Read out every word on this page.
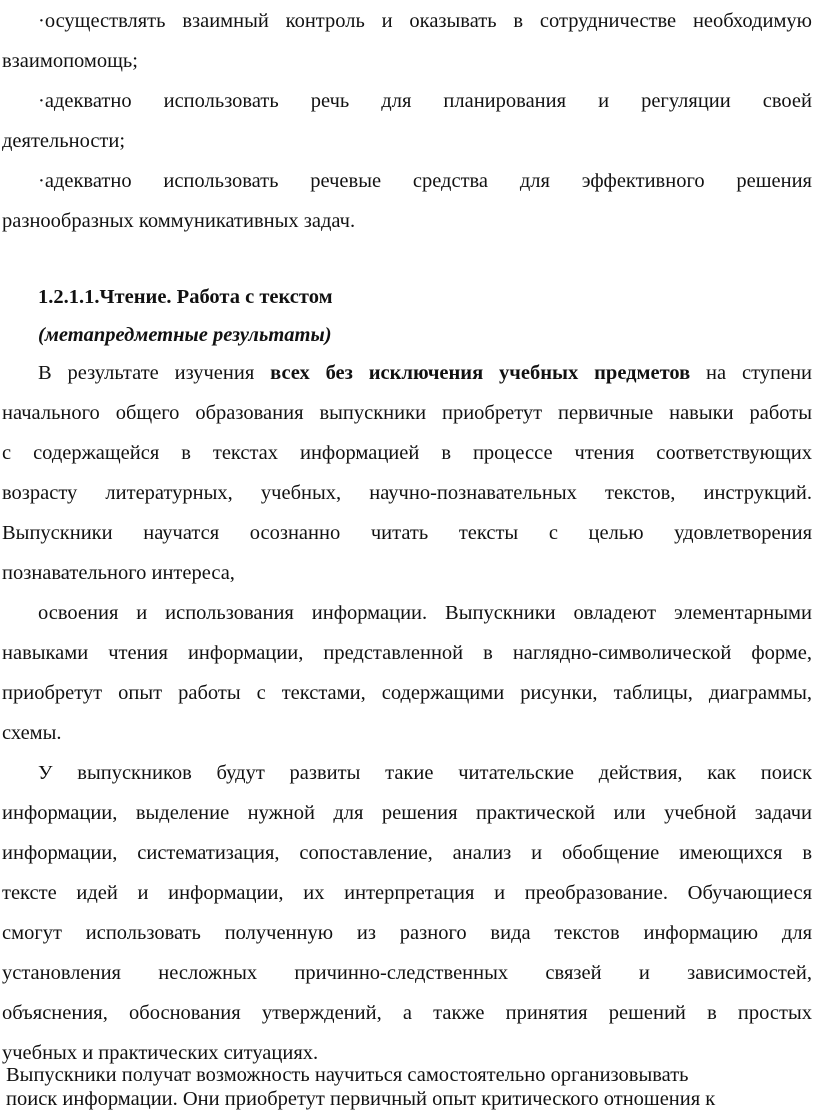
·осуществлять взаимный контроль и оказывать в сотрудничестве необходимую
взаимопомощь;
·адекватно использовать речь для планирования и регуляции своей
деятельности;
·адекватно использовать речевые средства для эффективного решения
разнообразных коммуникативных задач.
1.2.1.1.Чтение. Работа с текстом
(метапредметные результаты)
В результате изучения всех без исключения учебных предметов на ступени
начального общего образования выпускники приобретут первичные навыки работы
с содержащейся в текстах информацией в процессе чтения соответствующих
возрасту литературных, учебных, научно-познавательных текстов, инструкций.
Выпускники научатся осознанно читать тексты с целью удовлетворения
познавательного интереса,
освоения и использования информации. Выпускники овладеют элементарными
навыками чтения информации, представленной в наглядно-символической форме,
приобретут опыт работы с текстами, содержащими рисунки, таблицы, диаграммы,
схемы.
У выпускников будут развиты такие читательские действия, как поиск
информации, выделение нужной для решения практической или учебной задачи
информации, систематизация, сопоставление, анализ и обобщение имеющихся в
тексте идей и информации, их интерпретация и преобразование. Обучающиеся
смогут использовать полученную из разного вида текстов информацию для
установления несложных причинно-следственных связей и зависимостей,
объяснения, обоснования утверждений, а также принятия решений в простых
учебных и практических ситуациях.
Выпускники получат возможность научиться самостоятельно организовывать
поиск информации. Они приобретут первичный опыт критического отношения к
